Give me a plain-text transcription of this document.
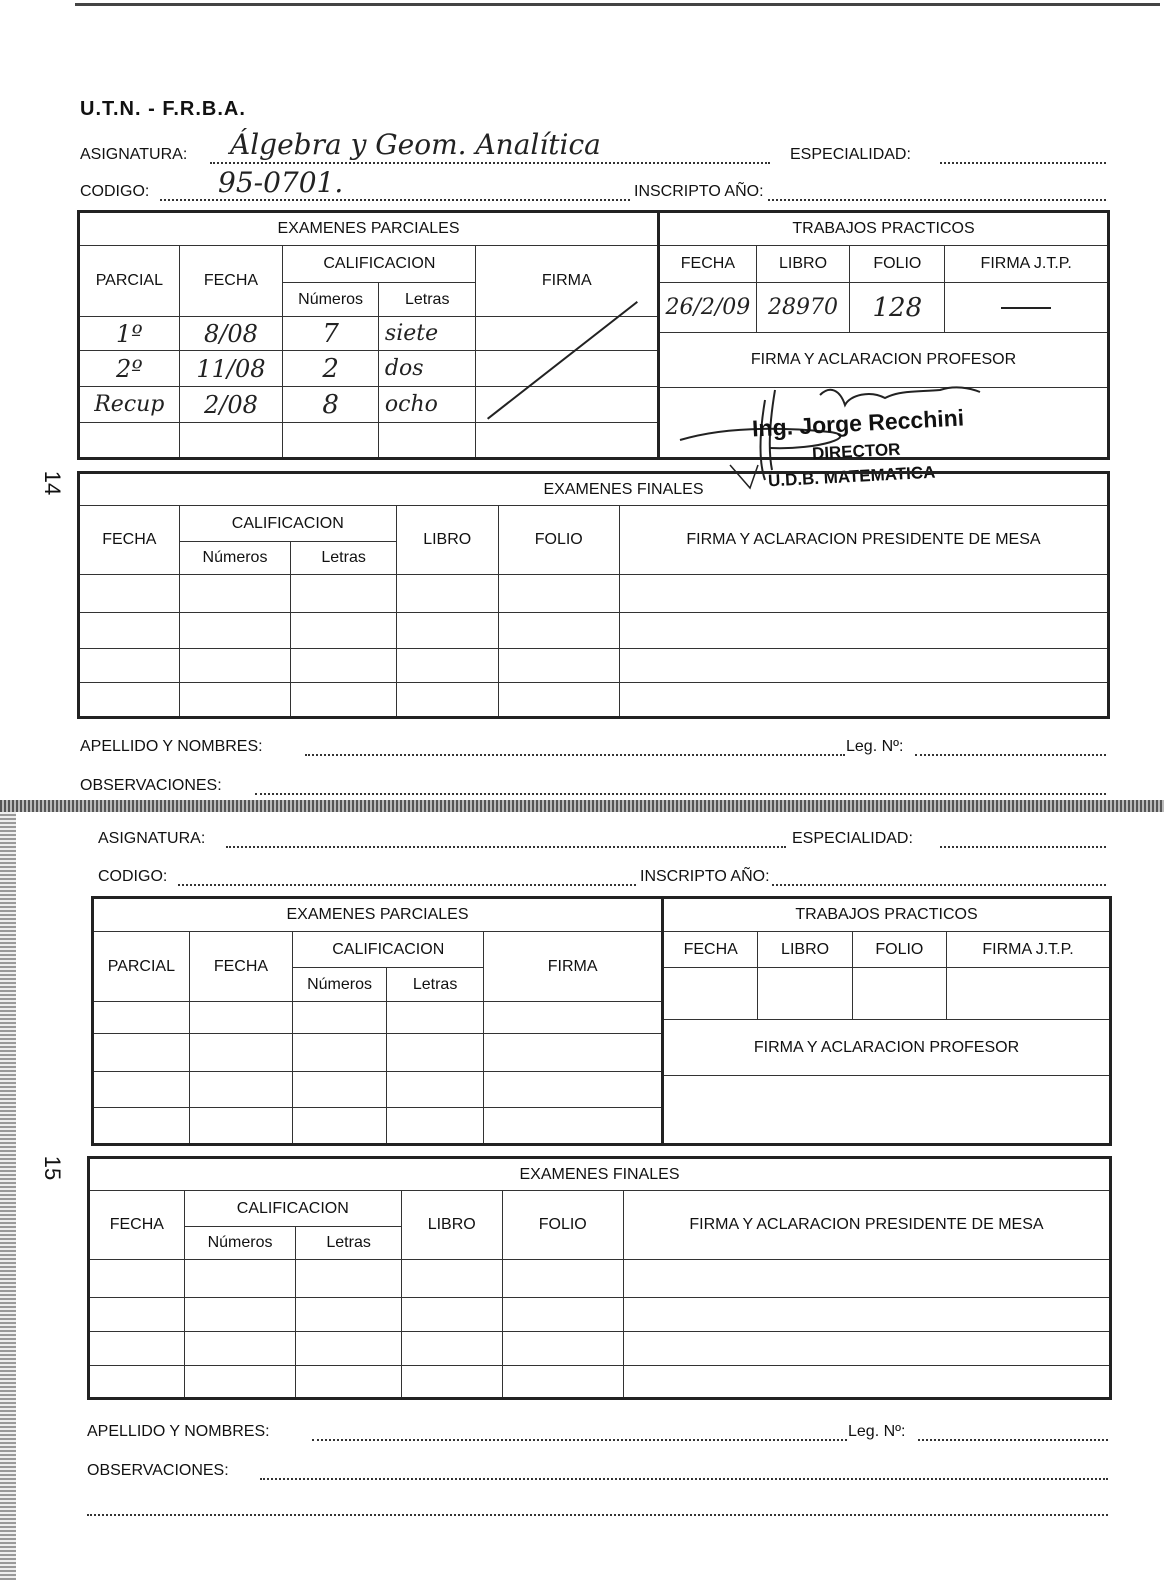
14
15
U.T.N. - F.R.B.A.
ASIGNATURA: Álgebra y Geom. Analítica	ESPECIALIDAD:
CODIGO: 95-0701.	INSCRIPTO AÑO:
EXAMENES PARCIALES				
PARCIAL	FECHA	CALIFICACION		FIRMA
		Números	Letras	
1º	8/08	7	siete	
2º	11/08	2	dos	
Recup	2/08	8	ocho	

TRABAJOS PRACTICOS			
FECHA	LIBRO	FOLIO	FIRMA J.T.P.
26/2/09	28970	128	

FIRMA Y ACLARACION PROFESOR			

Ing. Jorge Recchini
DIRECTOR
U.D.B. MATEMATICA
EXAMENES FINALES					
FECHA	CALIFICACION		LIBRO	FOLIO	FIRMA Y ACLARACION PRESIDENTE DE MESA
	Números	Letras			

APELLIDO Y NOMBRES:	Leg. Nº:
OBSERVACIONES:
ASIGNATURA:	ESPECIALIDAD:
CODIGO:	INSCRIPTO AÑO:
EXAMENES PARCIALES				
PARCIAL	FECHA	CALIFICACION		FIRMA
		Números	Letras	

TRABAJOS PRACTICOS			
FECHA	LIBRO	FOLIO	FIRMA J.T.P.

FIRMA Y ACLARACION PROFESOR			

EXAMENES FINALES					
FECHA	CALIFICACION		LIBRO	FOLIO	FIRMA Y ACLARACION PRESIDENTE DE MESA
	Números	Letras			

APELLIDO Y NOMBRES:	Leg. Nº:
OBSERVACIONES:
